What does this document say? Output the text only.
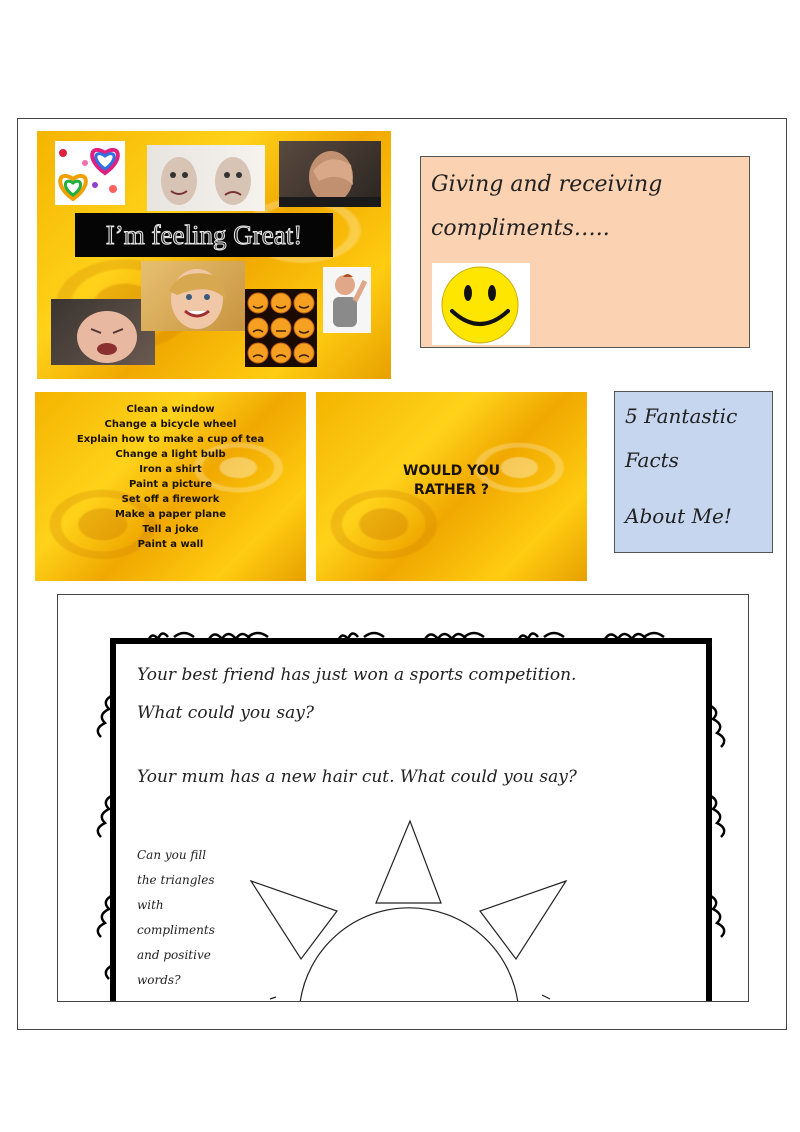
I’m feeling Great!
Giving and receiving
compliments…..
Clean a window
Change a bicycle wheel
Explain how to make a cup of tea
Change a light bulb
Iron a shirt
Paint a picture
Set off a firework
Make a paper plane
Tell a joke
Paint a wall
WOULD YOU
RATHER ?
5 Fantastic
Facts
About Me!
Your best friend has just won a sports competition.
What could you say?
Your mum has a new hair cut. What could you say?
Can you fill
the triangles
with
compliments
and positive
words?
